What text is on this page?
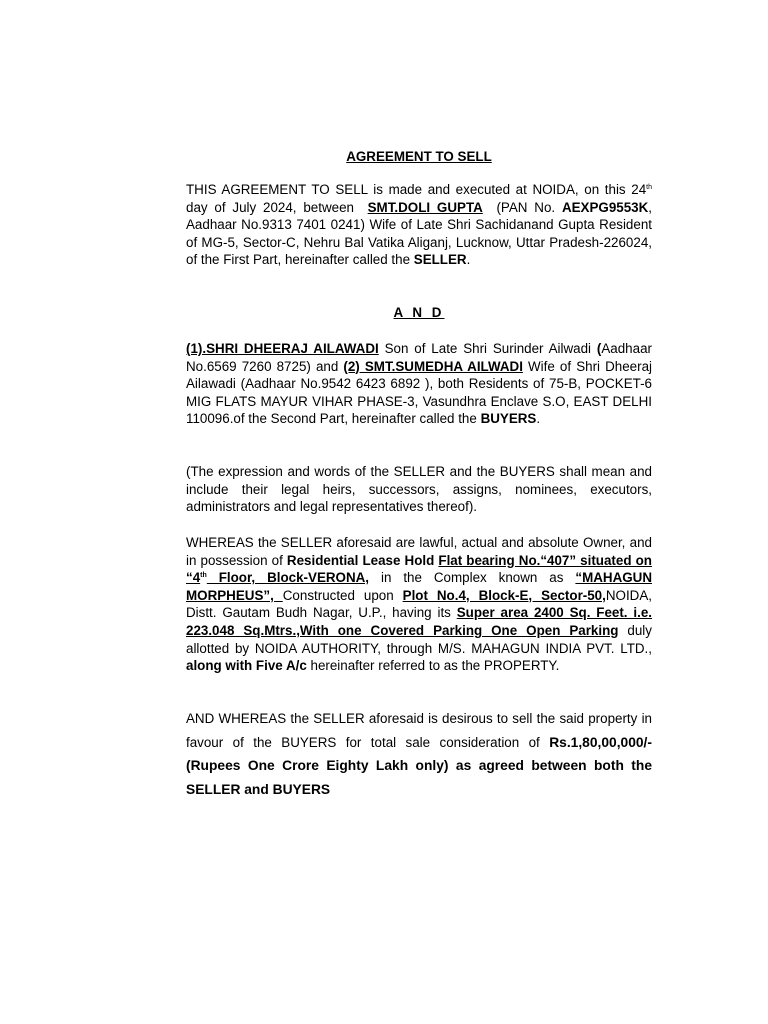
AGREEMENT TO SELL

THIS AGREEMENT TO SELL is made and executed at NOIDA, on this 24th day of July 2024, between  SMT.DOLI GUPTA  (PAN No. AEXPG9553K, Aadhaar No.9313 7401 0241) Wife of Late Shri Sachidanand Gupta Resident of MG-5, Sector-C, Nehru Bal Vatika Aliganj, Lucknow, Uttar Pradesh-226024, of the First Part, hereinafter called the SELLER.

A N D

(1).SHRI DHEERAJ AILAWADI Son of Late Shri Surinder Ailwadi (Aadhaar No.6569 7260 8725) and (2) SMT.SUMEDHA AILWADI Wife of Shri Dheeraj Ailawadi (Aadhaar No.9542 6423 6892 ), both Residents of 75-B, POCKET-6 MIG FLATS MAYUR VIHAR PHASE-3, Vasundhra Enclave S.O, EAST DELHI 110096.of the Second Part, hereinafter called the BUYERS.

(The expression and words of the SELLER and the BUYERS shall mean and include their legal heirs, successors, assigns, nominees, executors, administrators and legal representatives thereof).

WHEREAS the SELLER aforesaid are lawful, actual and absolute Owner, and in possession of Residential Lease Hold Flat bearing No.“407” situated on “4th Floor, Block-VERONA, in the Complex known as “MAHAGUN MORPHEUS”, Constructed upon Plot No.4, Block-E, Sector-50,NOIDA, Distt. Gautam Budh Nagar, U.P., having its Super area 2400 Sq. Feet. i.e. 223.048 Sq.Mtrs.,With one Covered Parking One Open Parking duly allotted by NOIDA AUTHORITY, through M/S. MAHAGUN INDIA PVT. LTD., along with Five A/c hereinafter referred to as the PROPERTY.

AND WHEREAS the SELLER aforesaid is desirous to sell the said property in favour of the BUYERS for total sale consideration of Rs.1,80,00,000/- (Rupees One Crore Eighty Lakh only) as agreed between both the SELLER and BUYERS
